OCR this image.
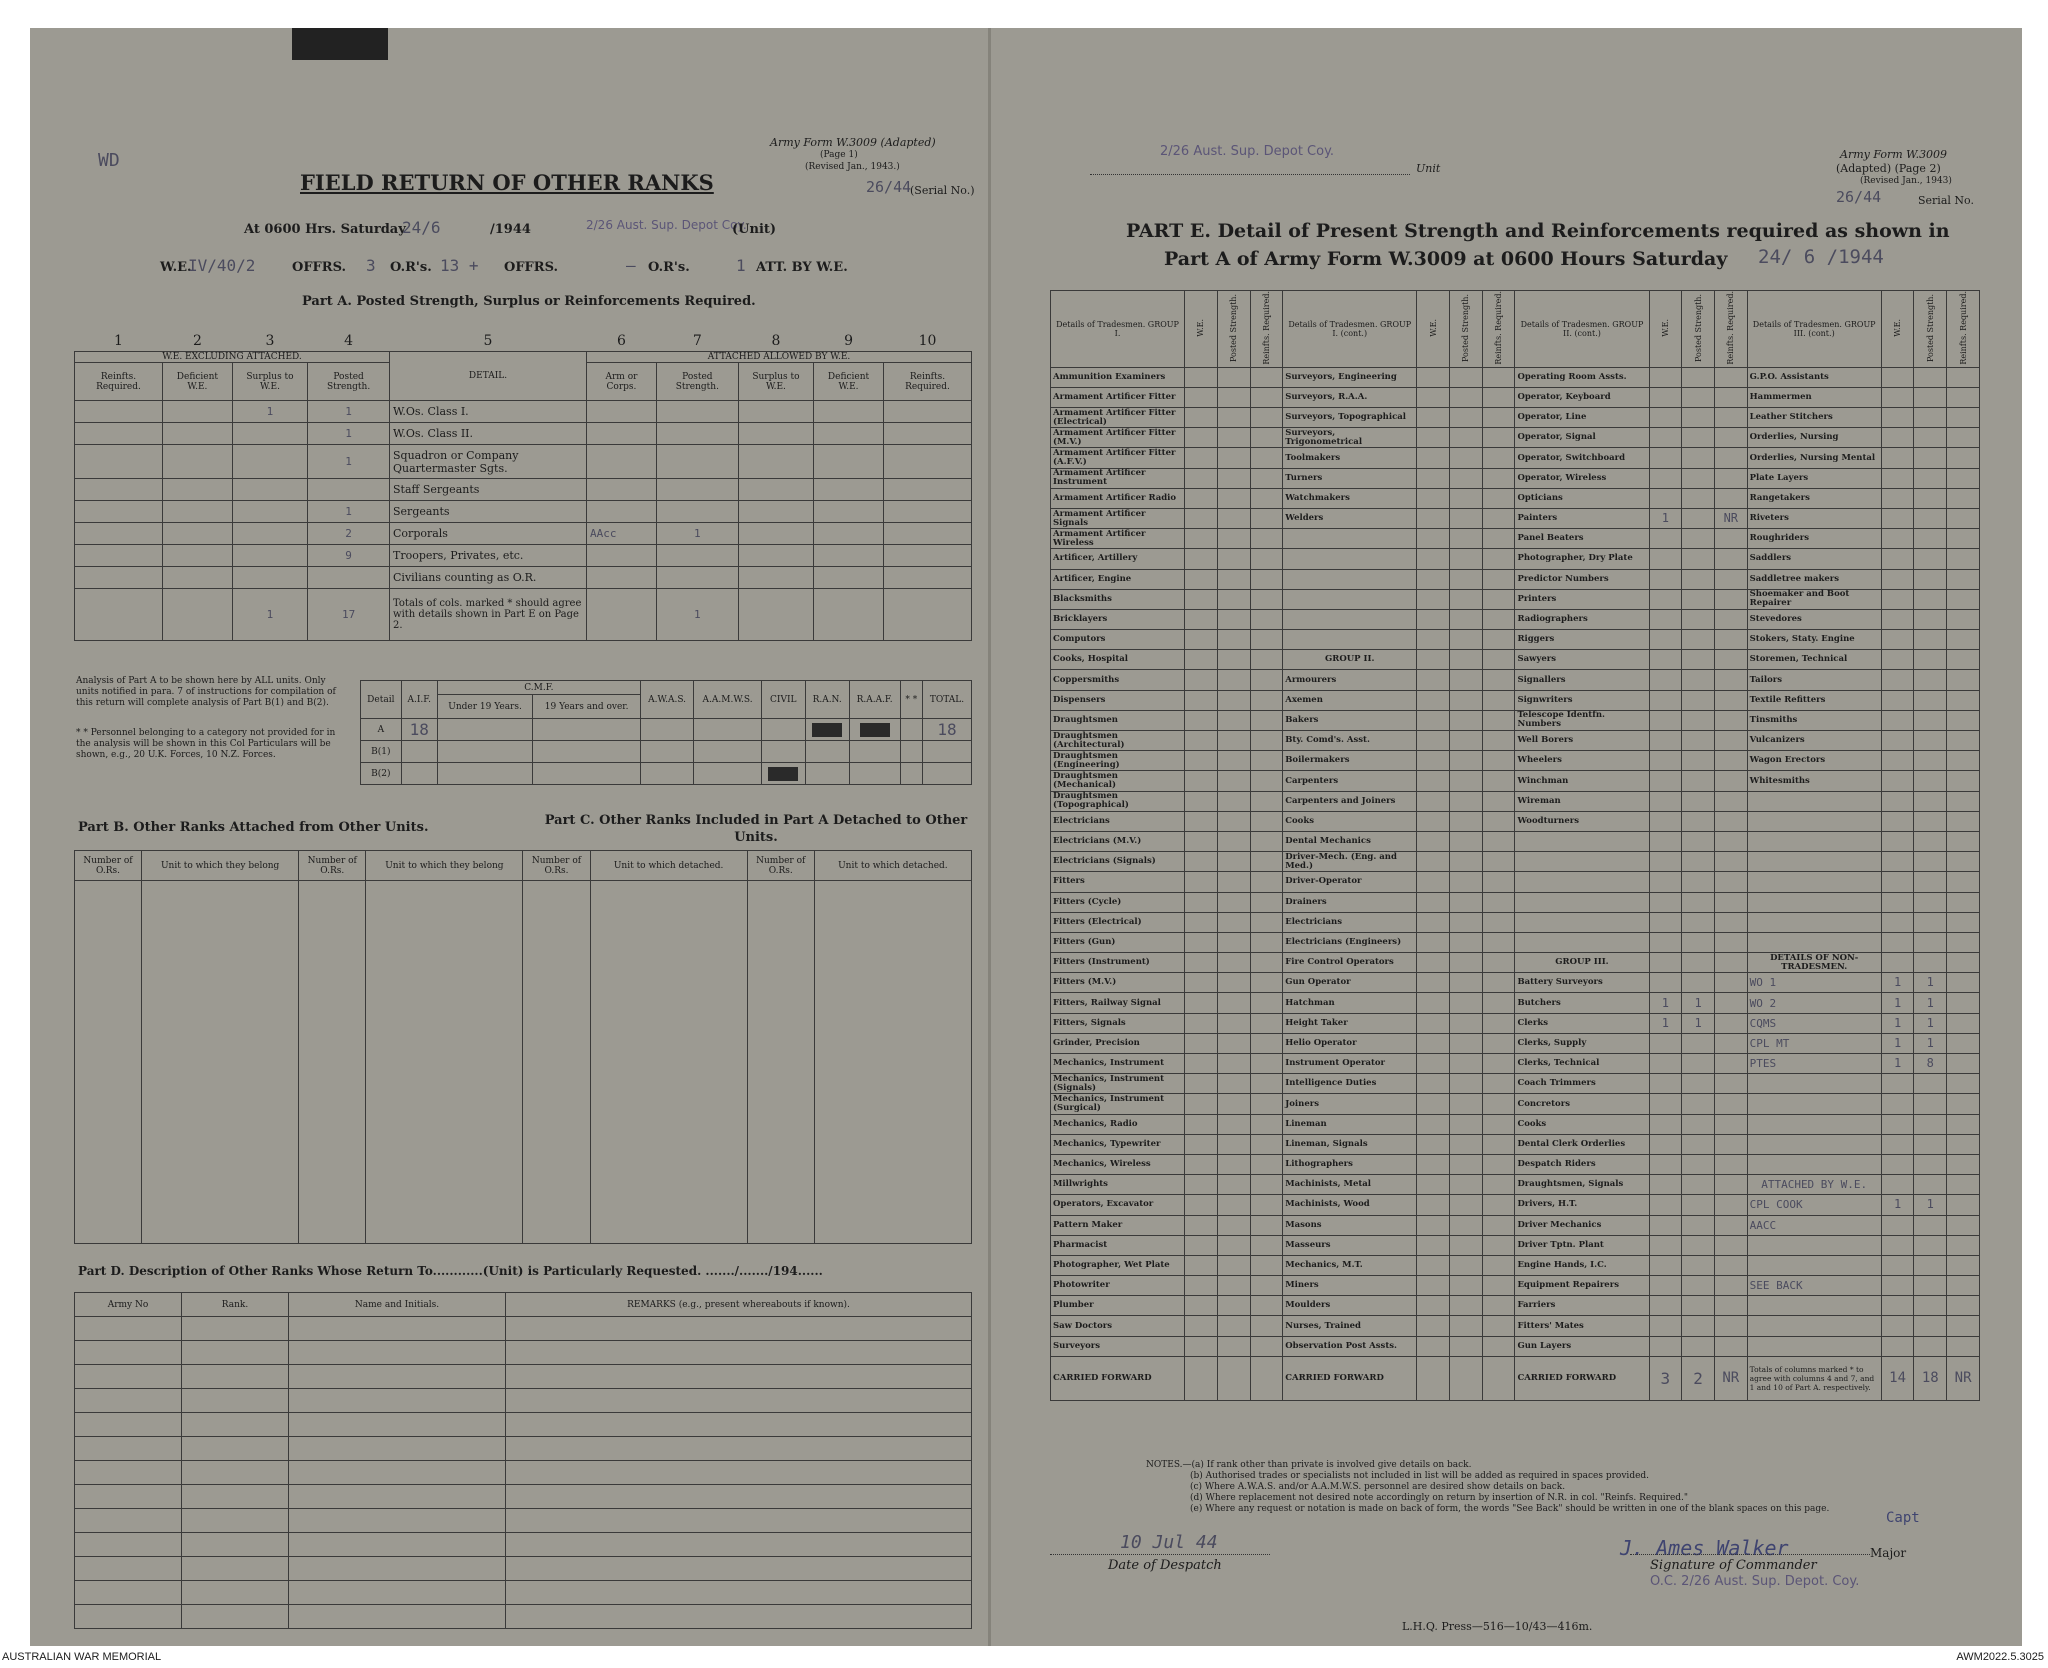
WD
Army Form W.3009 (Adapted)
(Page 1)
(Revised Jan., 1943.)
FIELD RETURN OF OTHER RANKS	26/44
(Serial No.)
At 0600 Hrs. Saturday
24/6	/1944	2/26 Aust. Sup. Depot Coy.
(Unit)
W.E.
IV/40/2	OFFRS. 3 O.R's. 13 + OFFRS.	— O.R's.	1 ATT. BY W.E.
Part A. Posted Strength, Surplus or Reinforcements Required.
1	2	3	4	5	6	7	8	9	10
W.E. EXCLUDING ATTACHED.				DETAIL.	ATTACHED ALLOWED BY W.E.				
Reinfts. Required.	Deficient W.E.	Surplus to W.E.	Posted Strength.		Arm or Corps.	Posted Strength.	Surplus to W.E.	Deficient W.E.	Reinfts. Required.
		1	1	W.Os. Class I.					
			1	W.Os. Class II.					
			1	Squadron or Company Quartermaster Sgts.					
				Staff Sergeants					
			1	Sergeants					
			2	Corporals	AAcc	1			
			9	Troopers, Privates, etc.					
				Civilians counting as O.R.					
		1	17	Totals of cols. marked * should agree with details shown in Part E on Page 2.		1			
Analysis of Part A to be shown here by ALL units. Only units notified in para. 7 of instructions for compilation of this return will complete analysis of Part B(1) and B(2).
* * Personnel belonging to a category not provided for in the analysis will be shown in this Col Particulars will be shown, e.g., 20 U.K. Forces, 10 N.Z. Forces.
Detail	A.I.F.	C.M.F.		A.W.A.S.	A.A.M.W.S.	CIVIL	R.A.N.	R.A.A.F.	* *	TOTAL.
		Under 19 Years.	19 Years and over.							
A	18									18
B(1)										
B(2)						

Part B. Other Ranks Attached from Other Units.	Part C. Other Ranks Included in Part A Detached to Other Units.
Number of O.Rs.	Unit to which they belong	Number of O.Rs.	Unit to which they belong	Number of O.Rs.	Unit to which detached.	Number of O.Rs.	Unit to which detached.

Part D. Description of Other Ranks Whose Return To............(Unit) is Particularly Requested. ......./......./194......
Army No	Rank.	Name and Initials.	REMARKS (e.g., present whereabouts if known).

2/26 Aust. Sup. Depot Coy.
Unit
Army Form W.3009
(Adapted) (Page 2)
(Revised Jan., 1943)
26/44	Serial No.
PART E. Detail of Present Strength and Reinforcements required as shown in
Part A of Army Form W.3009 at 0600 Hours Saturday 24/ 6 /1944
Details of Tradesmen. GROUP I.	W.E.	Posted Strength.	Reinfts. Required.	Details of Tradesmen. GROUP I. (cont.)	W.E.	Posted Strength.	Reinfts. Required.	Details of Tradesmen. GROUP II. (cont.)	W.E.	Posted Strength.	Reinfts. Required.	Details of Tradesmen. GROUP III. (cont.)	W.E.	Posted Strength.	Reinfts. Required.
Ammunition Examiners				Surveyors, Engineering				Operating Room Assts.				G.P.O. Assistants			
Armament Artificer Fitter				Surveyors, R.A.A.				Operator, Keyboard				Hammermen			
Armament Artificer Fitter (Electrical)				Surveyors, Topographical				Operator, Line				Leather Stitchers			
Armament Artificer Fitter (M.V.)				Surveyors, Trigonometrical				Operator, Signal				Orderlies, Nursing			
Armament Artificer Fitter (A.F.V.)				Toolmakers				Operator, Switchboard				Orderlies, Nursing Mental			
Armament Artificer Instrument				Turners				Operator, Wireless				Plate Layers			
Armament Artificer Radio				Watchmakers				Opticians				Rangetakers			
Armament Artificer Signals				Welders				Painters	1		NR	Riveters			
Armament Artificer Wireless								Panel Beaters				Roughriders			
Artificer, Artillery								Photographer, Dry Plate				Saddlers			
Artificer, Engine								Predictor Numbers				Saddletree makers			
Blacksmiths								Printers				Shoemaker and Boot Repairer			
Bricklayers								Radiographers				Stevedores			
Computors								Riggers				Stokers, Staty. Engine			
Cooks, Hospital				GROUP II.				Sawyers				Storemen, Technical			
Coppersmiths				Armourers				Signallers				Tailors			
Dispensers				Axemen				Signwriters				Textile Refitters			
Draughtsmen				Bakers				Telescope Identfn. Numbers				Tinsmiths			
Draughtsmen (Architectural)				Bty. Comd's. Asst.				Well Borers				Vulcanizers			
Draughtsmen (Engineering)				Boilermakers				Wheelers				Wagon Erectors			
Draughtsmen (Mechanical)				Carpenters				Winchman				Whitesmiths			
Draughtsmen (Topographical)				Carpenters and Joiners				Wireman							
Electricians				Cooks				Woodturners							
Electricians (M.V.)				Dental Mechanics											
Electricians (Signals)				Driver-Mech. (Eng. and Med.)											
Fitters				Driver-Operator											
Fitters (Cycle)				Drainers											
Fitters (Electrical)				Electricians											
Fitters (Gun)				Electricians (Engineers)											
Fitters (Instrument)				Fire Control Operators				GROUP III.				DETAILS OF NON-TRADESMEN.			
Fitters (M.V.)				Gun Operator				Battery Surveyors				WO 1	1	1	
Fitters, Railway Signal				Hatchman				Butchers	1	1		WO 2	1	1	
Fitters, Signals				Height Taker				Clerks	1	1		CQMS	1	1	
Grinder, Precision				Helio Operator				Clerks, Supply				CPL MT	1	1	
Mechanics, Instrument				Instrument Operator				Clerks, Technical				PTES	1	8	
Mechanics, Instrument (Signals)				Intelligence Duties				Coach Trimmers							
Mechanics, Instrument (Surgical)				Joiners				Concretors							
Mechanics, Radio				Lineman				Cooks							
Mechanics, Typewriter				Lineman, Signals				Dental Clerk Orderlies							
Mechanics, Wireless				Lithographers				Despatch Riders							
Millwrights				Machinists, Metal				Draughtsmen, Signals				ATTACHED BY W.E.			
Operators, Excavator				Machinists, Wood				Drivers, H.T.				CPL COOK	1	1	
Pattern Maker				Masons				Driver Mechanics				AACC			
Pharmacist				Masseurs				Driver Tptn. Plant							
Photographer, Wet Plate				Mechanics, M.T.				Engine Hands, I.C.							
Photowriter				Miners				Equipment Repairers				SEE BACK			
Plumber				Moulders				Farriers							
Saw Doctors				Nurses, Trained				Fitters' Mates							
Surveyors				Observation Post Assts.				Gun Layers							
CARRIED FORWARD				CARRIED FORWARD				CARRIED FORWARD	3	2	NR	Totals of columns marked * to agree with columns 4 and 7, and 1 and 10 of Part A. respectively.	14	18	NR
NOTES.—(a) If rank other than private is involved give details on back.
(b) Authorised trades or specialists not included in list will be added as required in spaces provided.
(c) Where A.W.A.S. and/or A.A.M.W.S. personnel are desired show details on back.
(d) Where replacement not desired note accordingly on return by insertion of N.R. in col. "Reinfs. Required."
(e) Where any request or notation is made on back of form, the words "See Back" should be written in one of the blank spaces on this page.
10 Jul 44
Date of Despatch
J. Ames Walker
Capt
Major
Signature of Commander
O.C. 2/26 Aust. Sup. Depot. Coy.
L.H.Q. Press—516—10/43—416m.
AUSTRALIAN WAR MEMORIAL	AWM2022.5.3025
